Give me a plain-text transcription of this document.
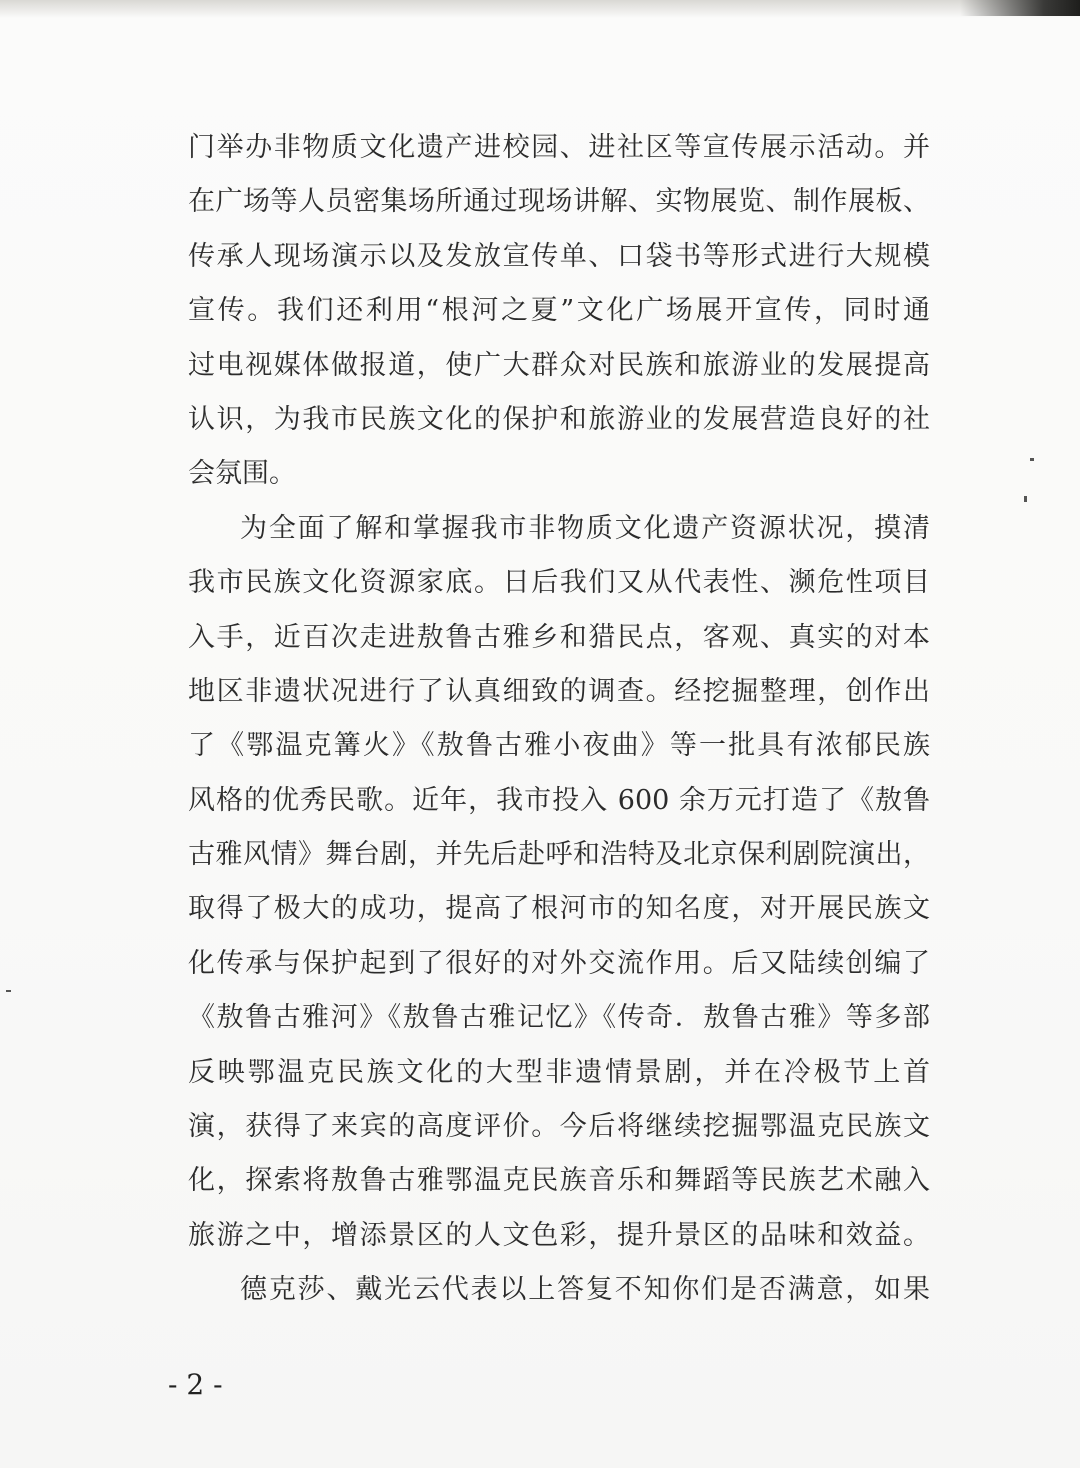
门举办非物质文化遗产进校园、进社区等宣传展示活动。并
在广场等人员密集场所通过现场讲解、实物展览、制作展板、
传承人现场演示以及发放宣传单、口袋书等形式进行大规模
宣传。我们还利用“根河之夏”文化广场展开宣传，同时通
过电视媒体做报道，使广大群众对民族和旅游业的发展提高
认识，为我市民族文化的保护和旅游业的发展营造良好的社
会氛围。
为全面了解和掌握我市非物质文化遗产资源状况，摸清
我市民族文化资源家底。日后我们又从代表性、濒危性项目
入手，近百次走进敖鲁古雅乡和猎民点，客观、真实的对本
地区非遗状况进行了认真细致的调查。经挖掘整理，创作出
了《鄂温克篝火》《敖鲁古雅小夜曲》等一批具有浓郁民族
风格的优秀民歌。近年，我市投入 600 余万元打造了《敖鲁
古雅风情》舞台剧，并先后赴呼和浩特及北京保利剧院演出，
取得了极大的成功，提高了根河市的知名度，对开展民族文
化传承与保护起到了很好的对外交流作用。后又陆续创编了
《敖鲁古雅河》《敖鲁古雅记忆》《传奇．敖鲁古雅》等多部
反映鄂温克民族文化的大型非遗情景剧，并在冷极节上首
演，获得了来宾的高度评价。今后将继续挖掘鄂温克民族文
化，探索将敖鲁古雅鄂温克民族音乐和舞蹈等民族艺术融入
旅游之中，增添景区的人文色彩，提升景区的品味和效益。
德克莎、戴光云代表以上答复不知你们是否满意，如果
- 2 -
